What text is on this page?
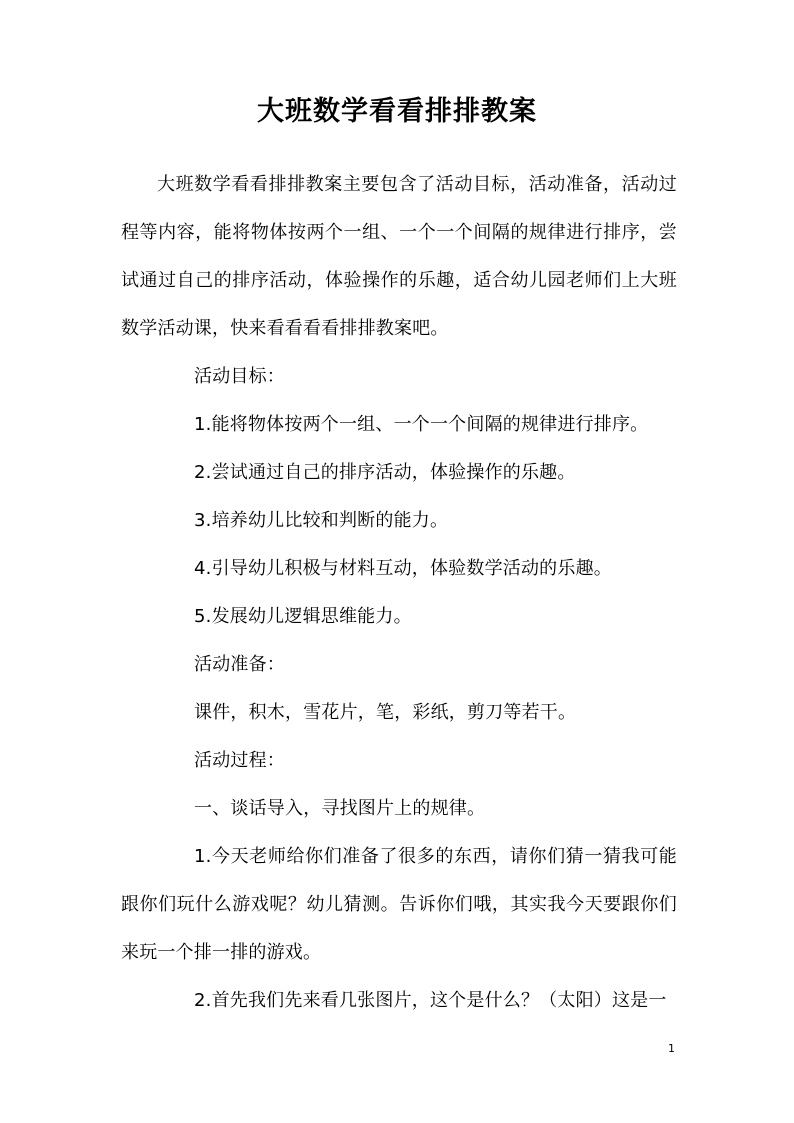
大班数学看看排排教案

大班数学看看排排教案主要包含了活动目标，活动准备，活动过程等内容，能将物体按两个一组、一个一个间隔的规律进行排序，尝试通过自己的排序活动，体验操作的乐趣，适合幼儿园老师们上大班数学活动课，快来看看看看排排教案吧。

活动目标：

1.能将物体按两个一组、一个一个间隔的规律进行排序。

2.尝试通过自己的排序活动，体验操作的乐趣。

3.培养幼儿比较和判断的能力。

4.引导幼儿积极与材料互动，体验数学活动的乐趣。

5.发展幼儿逻辑思维能力。

活动准备：

课件，积木，雪花片，笔，彩纸，剪刀等若干。

活动过程：

一、谈话导入，寻找图片上的规律。

1.今天老师给你们准备了很多的东西，请你们猜一猜我可能跟你们玩什么游戏呢？幼儿猜测。告诉你们哦，其实我今天要跟你们来玩一个排一排的游戏。

2.首先我们先来看几张图片，这个是什么？（太阳）这是一

1
